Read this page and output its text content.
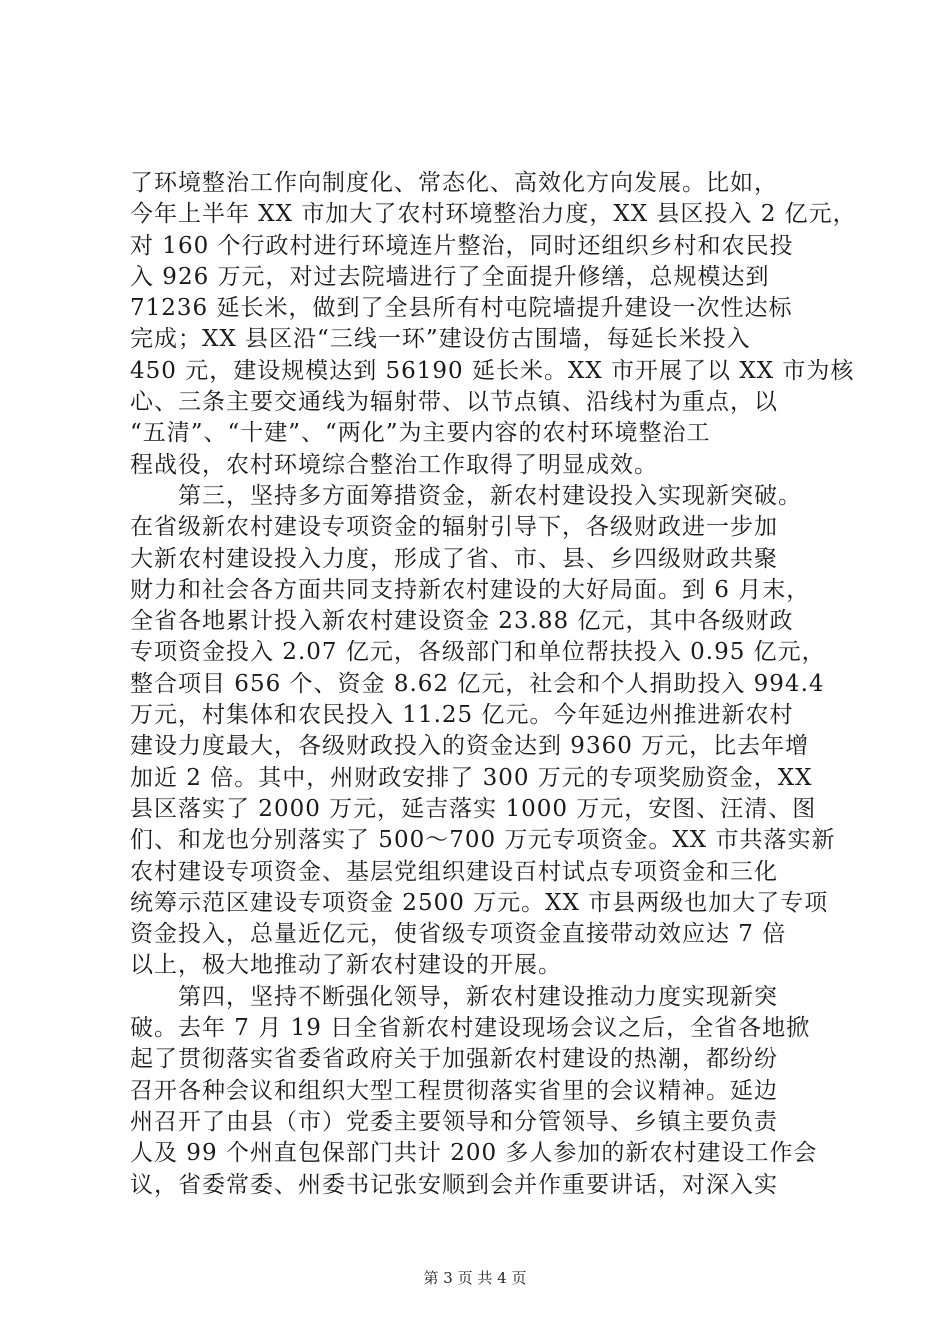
了环境整治工作向制度化、常态化、高效化方向发展。比如，
今年上半年 XX 市加大了农村环境整治力度，XX 县区投入 2 亿元，
对 160 个行政村进行环境连片整治，同时还组织乡村和农民投
入 926 万元，对过去院墙进行了全面提升修缮，总规模达到
71236 延长米，做到了全县所有村屯院墙提升建设一次性达标
完成；XX 县区沿“三线一环”建设仿古围墙，每延长米投入
450 元，建设规模达到 56190 延长米。XX 市开展了以 XX 市为核
心、三条主要交通线为辐射带、以节点镇、沿线村为重点，以
“五清”、“十建”、“两化”为主要内容的农村环境整治工
程战役，农村环境综合整治工作取得了明显成效。
　　第三，坚持多方面筹措资金，新农村建设投入实现新突破。
在省级新农村建设专项资金的辐射引导下，各级财政进一步加
大新农村建设投入力度，形成了省、市、县、乡四级财政共聚
财力和社会各方面共同支持新农村建设的大好局面。到 6 月末，
全省各地累计投入新农村建设资金 23.88 亿元，其中各级财政
专项资金投入 2.07 亿元，各级部门和单位帮扶投入 0.95 亿元，
整合项目 656 个、资金 8.62 亿元，社会和个人捐助投入 994.4
万元，村集体和农民投入 11.25 亿元。今年延边州推进新农村
建设力度最大，各级财政投入的资金达到 9360 万元，比去年增
加近 2 倍。其中，州财政安排了 300 万元的专项奖励资金，XX
县区落实了 2000 万元，延吉落实 1000 万元，安图、汪清、图
们、和龙也分别落实了 500～700 万元专项资金。XX 市共落实新
农村建设专项资金、基层党组织建设百村试点专项资金和三化
统筹示范区建设专项资金 2500 万元。XX 市县两级也加大了专项
资金投入，总量近亿元，使省级专项资金直接带动效应达 7 倍
以上，极大地推动了新农村建设的开展。
　　第四，坚持不断强化领导，新农村建设推动力度实现新突
破。去年 7 月 19 日全省新农村建设现场会议之后，全省各地掀
起了贯彻落实省委省政府关于加强新农村建设的热潮，都纷纷
召开各种会议和组织大型工程贯彻落实省里的会议精神。延边
州召开了由县（市）党委主要领导和分管领导、乡镇主要负责
人及 99 个州直包保部门共计 200 多人参加的新农村建设工作会
议，省委常委、州委书记张安顺到会并作重要讲话，对深入实
第 3 页 共 4 页
